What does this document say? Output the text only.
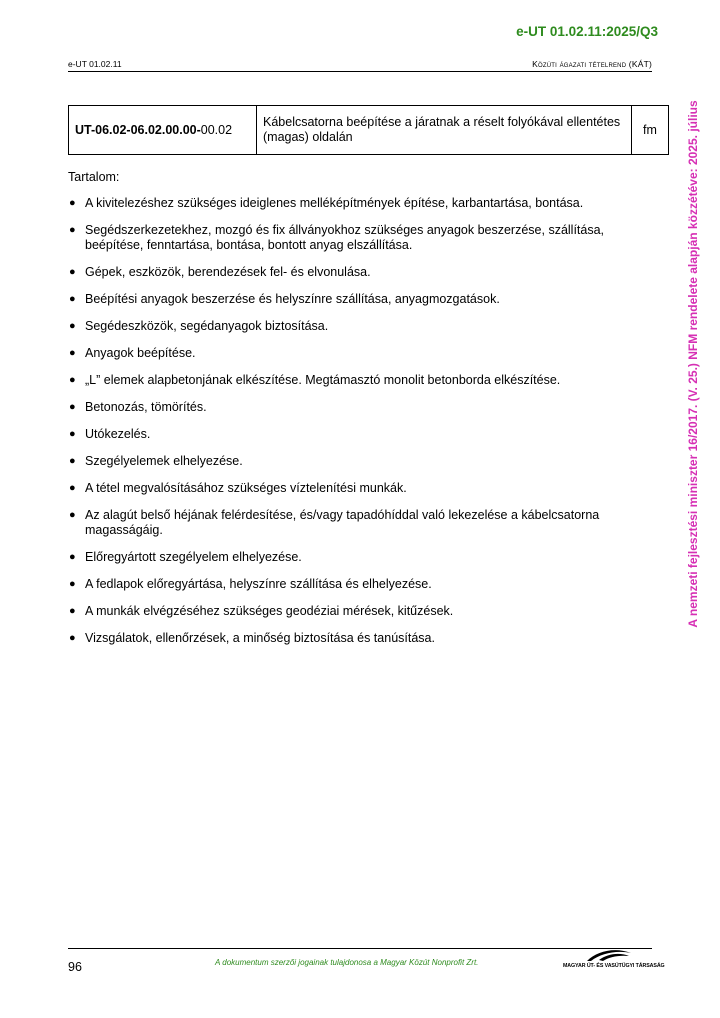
e-UT 01.02.11:2025/Q3
e-UT 01.02.11	Közúti ágazati tételrend (KÁT)
UT-06.02-06.02.00.00-00.02	Kábelcsatorna beépítése a járatnak a réselt folyókával ellentétes (magas) oldalán	fm
Tartalom:
● A kivitelezéshez szükséges ideiglenes melléképítmények építése, karbantartása, bontása.
● Segédszerkezetekhez, mozgó és fix állványokhoz szükséges anyagok beszerzése, szállítása, beépítése, fenntartása, bontása, bontott anyag elszállítása.
● Gépek, eszközök, berendezések fel- és elvonulása.
● Beépítési anyagok beszerzése és helyszínre szállítása, anyagmozgatások.
● Segédeszközök, segédanyagok biztosítása.
● Anyagok beépítése.
● „L” elemek alapbetonjának elkészítése. Megtámasztó monolit betonborda elkészítése.
● Betonozás, tömörítés.
● Utókezelés.
● Szegélyelemek elhelyezése.
● A tétel megvalósításához szükséges víztelenítési munkák.
● Az alagút belső héjának felérdesítése, és/vagy tapadóhíddal való lekezelése a kábelcsatorna magasságáig.
● Előregyártott szegélyelem elhelyezése.
● A fedlapok előregyártása, helyszínre szállítása és elhelyezése.
● A munkák elvégzéséhez szükséges geodéziai mérések, kitűzések.
● Vizsgálatok, ellenőrzések, a minőség biztosítása és tanúsítása.
A nemzeti fejlesztési miniszter 16/2017. (V. 25.) NFM rendelete alapján közzétéve: 2025. július
96	A dokumentum szerzői jogainak tulajdonosa a Magyar Közút Nonprofit Zrt.	MAGYAR ÚT- ÉS VASÚTÜGYI TÁRSASÁG
